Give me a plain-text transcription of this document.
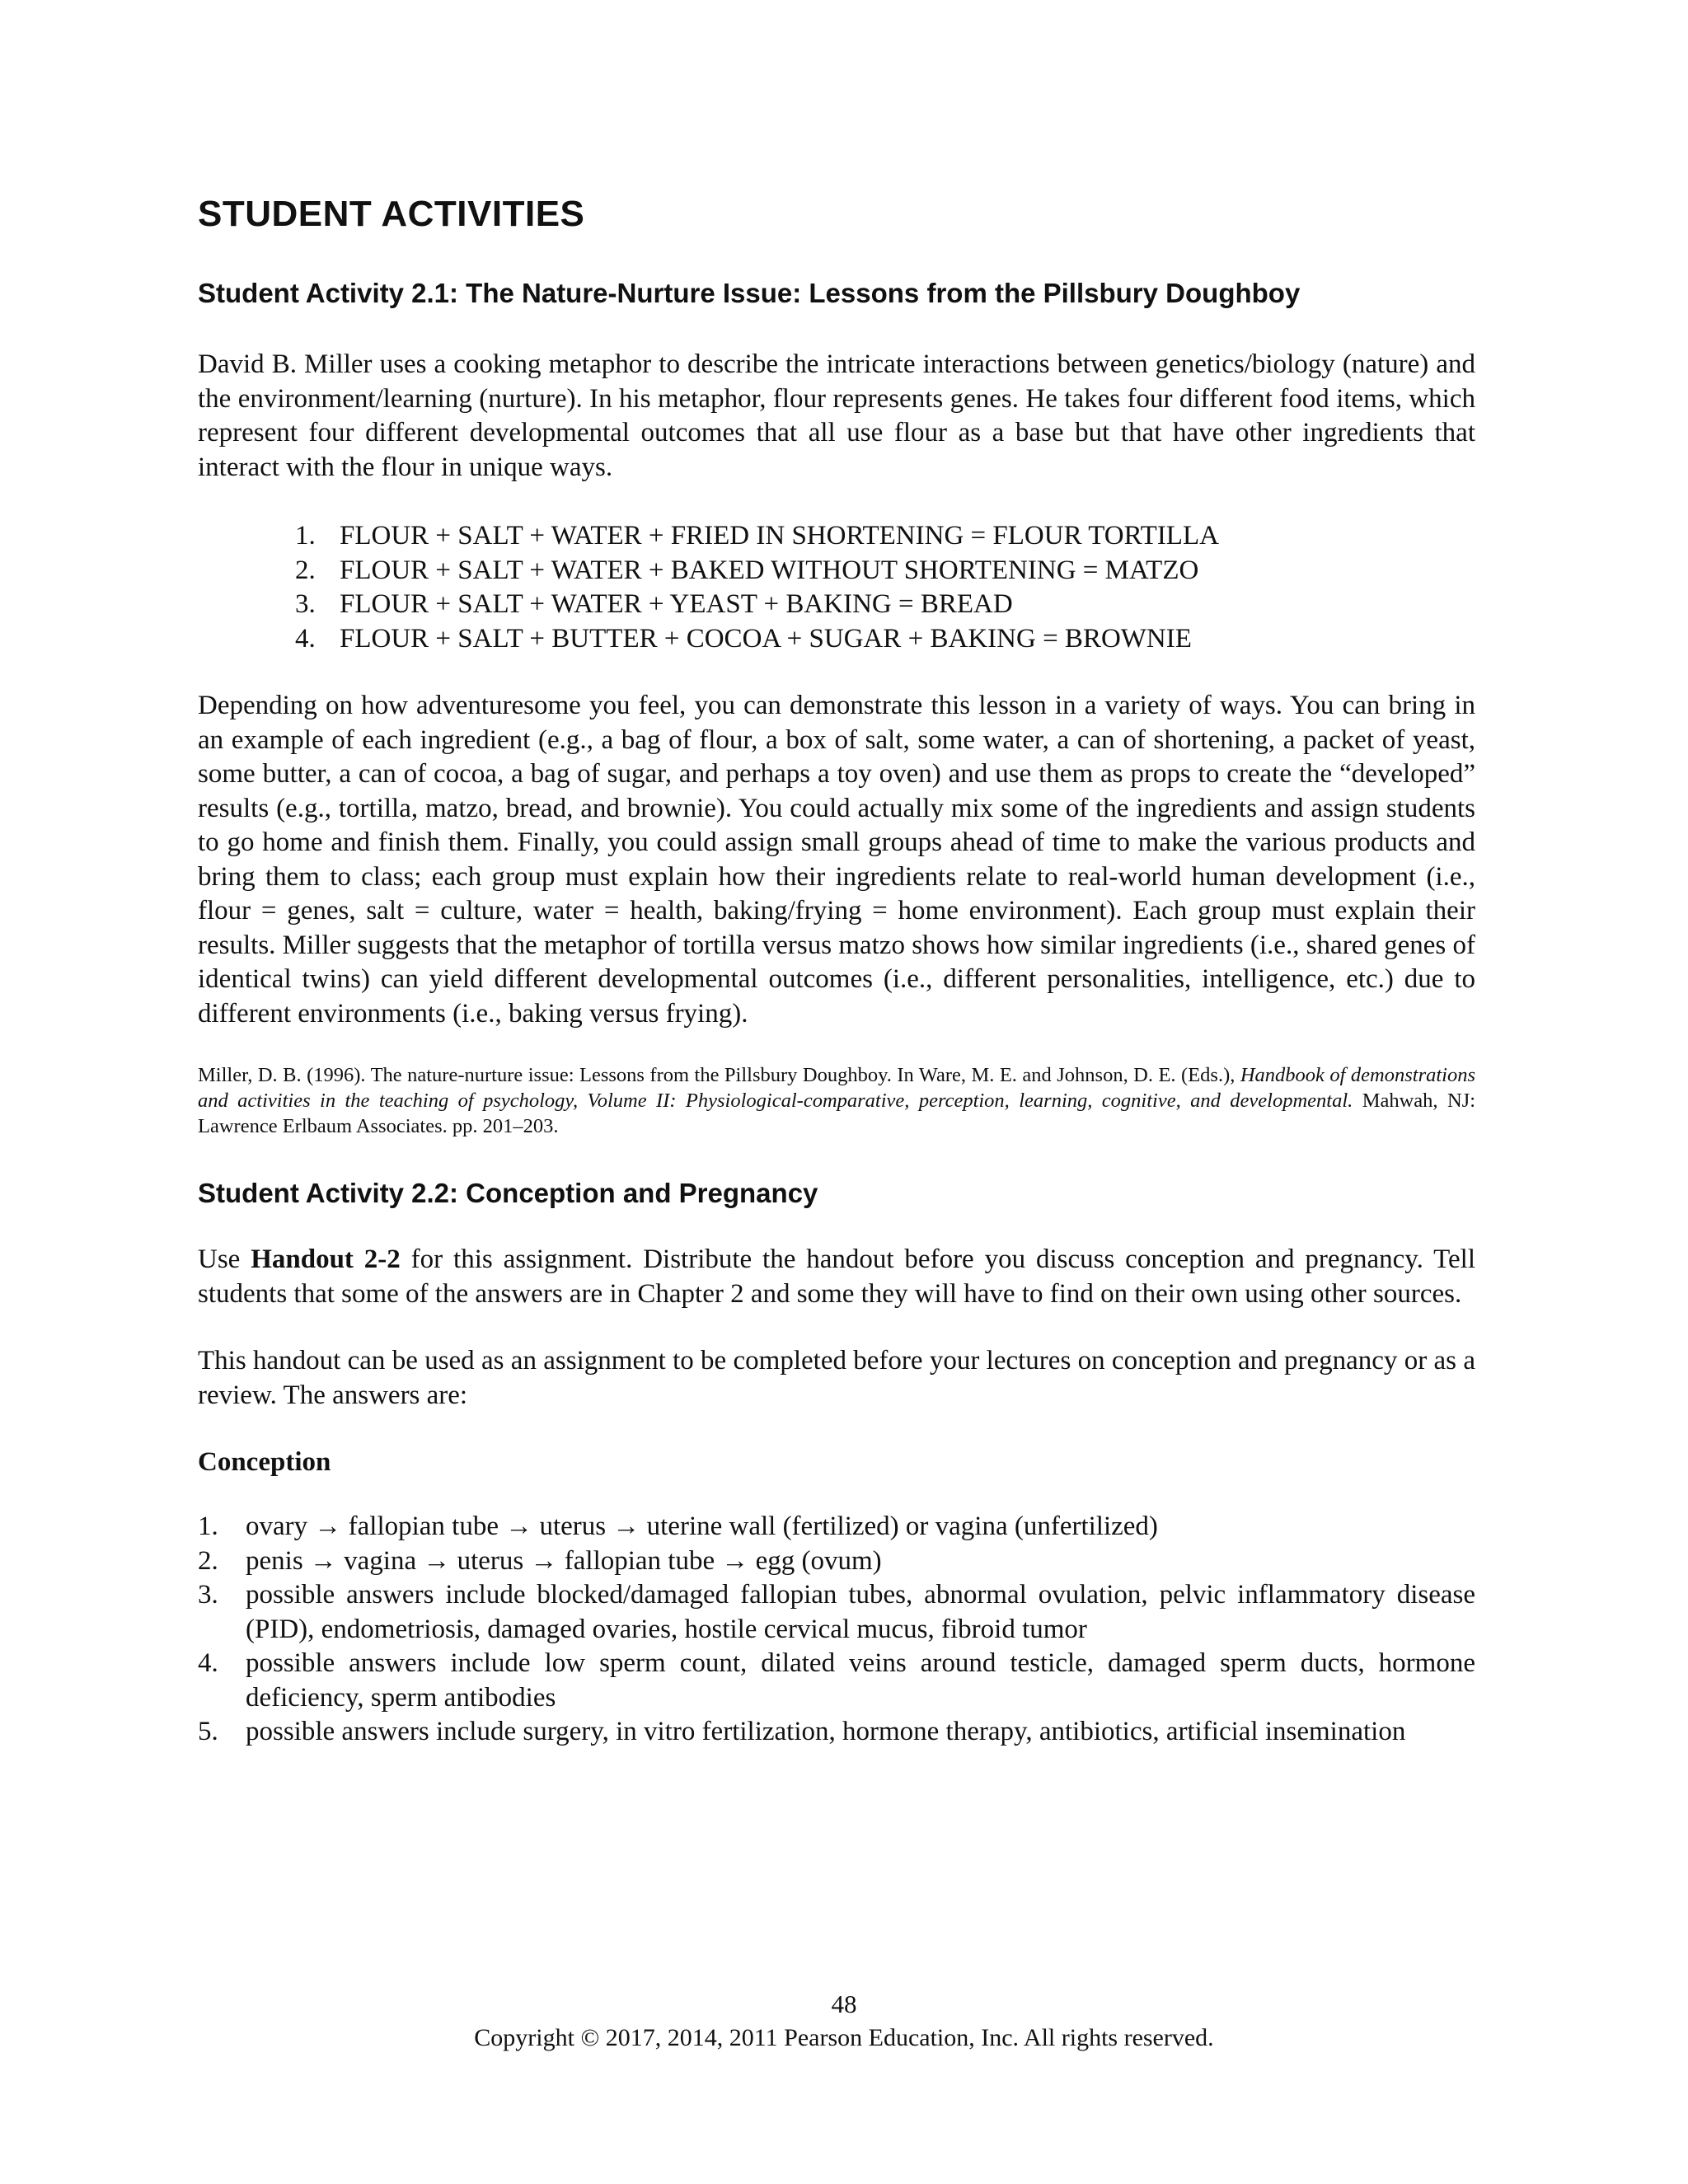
STUDENT ACTIVITIES
Student Activity 2.1: The Nature-Nurture Issue: Lessons from the Pillsbury Doughboy

David B. Miller uses a cooking metaphor to describe the intricate interactions between genetics/biology (nature) and the environment/learning (nurture). In his metaphor, flour represents genes. He takes four different food items, which represent four different developmental outcomes that all use flour as a base but that have other ingredients that interact with the flour in unique ways.

1. FLOUR + SALT + WATER + FRIED IN SHORTENING = FLOUR TORTILLA
2. FLOUR + SALT + WATER + BAKED WITHOUT SHORTENING = MATZO
3. FLOUR + SALT + WATER + YEAST + BAKING = BREAD
4. FLOUR + SALT + BUTTER + COCOA + SUGAR + BAKING = BROWNIE

Depending on how adventuresome you feel, you can demonstrate this lesson in a variety of ways. You can bring in an example of each ingredient (e.g., a bag of flour, a box of salt, some water, a can of shortening, a packet of yeast, some butter, a can of cocoa, a bag of sugar, and perhaps a toy oven) and use them as props to create the “developed” results (e.g., tortilla, matzo, bread, and brownie). You could actually mix some of the ingredients and assign students to go home and finish them. Finally, you could assign small groups ahead of time to make the various products and bring them to class; each group must explain how their ingredients relate to real-world human development (i.e., flour = genes, salt = culture, water = health, baking/frying = home environment). Each group must explain their results. Miller suggests that the metaphor of tortilla versus matzo shows how similar ingredients (i.e., shared genes of identical twins) can yield different developmental outcomes (i.e., different personalities, intelligence, etc.) due to different environments (i.e., baking versus frying).

Miller, D. B. (1996). The nature-nurture issue: Lessons from the Pillsbury Doughboy. In Ware, M. E. and Johnson, D. E. (Eds.), Handbook of demonstrations and activities in the teaching of psychology, Volume II: Physiological-comparative, perception, learning, cognitive, and developmental. Mahwah, NJ: Lawrence Erlbaum Associates. pp. 201–203.

Student Activity 2.2: Conception and Pregnancy

Use Handout 2-2 for this assignment. Distribute the handout before you discuss conception and pregnancy. Tell students that some of the answers are in Chapter 2 and some they will have to find on their own using other sources.

This handout can be used as an assignment to be completed before your lectures on conception and pregnancy or as a review. The answers are:

Conception
1. ovary → fallopian tube → uterus → uterine wall (fertilized) or vagina (unfertilized)
2. penis → vagina → uterus → fallopian tube → egg (ovum)
3. possible answers include blocked/damaged fallopian tubes, abnormal ovulation, pelvic inflammatory disease (PID), endometriosis, damaged ovaries, hostile cervical mucus, fibroid tumor
4. possible answers include low sperm count, dilated veins around testicle, damaged sperm ducts, hormone deficiency, sperm antibodies
5. possible answers include surgery, in vitro fertilization, hormone therapy, antibiotics, artificial insemination
48
Copyright © 2017, 2014, 2011 Pearson Education, Inc. All rights reserved.
